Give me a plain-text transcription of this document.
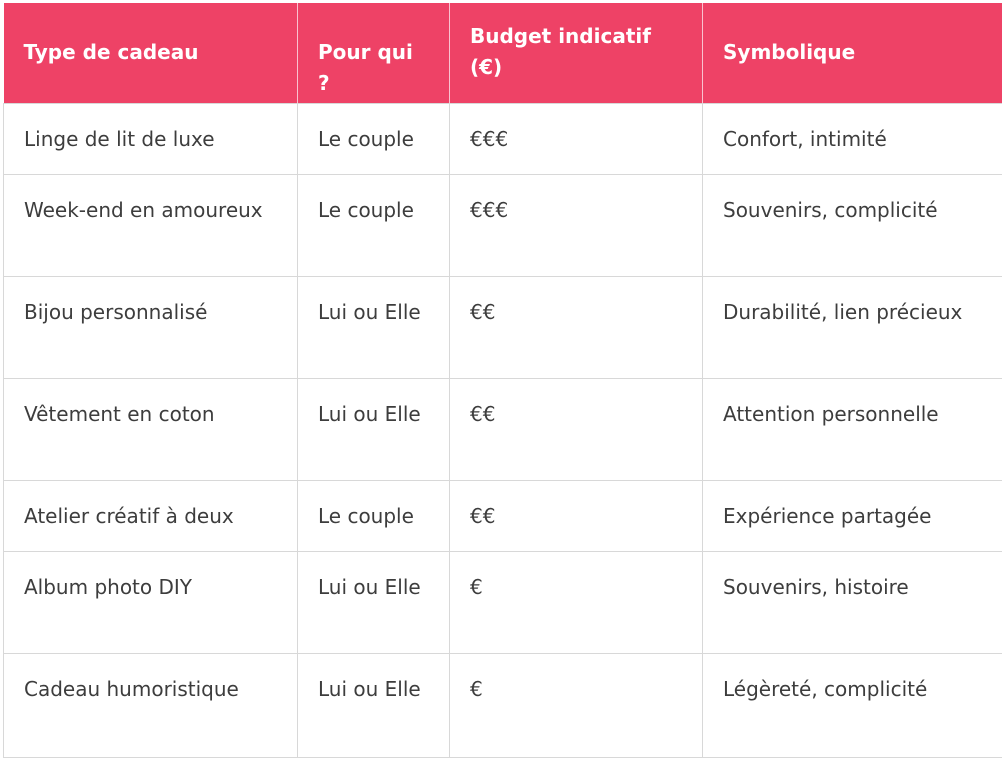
Type de cadeau	Pour qui ?	Budget indicatif (€)	Symbolique
Linge de lit de luxe	Le couple	€€€	Confort, intimité
Week-end en amoureux	Le couple	€€€	Souvenirs, complicité
Bijou personnalisé	Lui ou Elle	€€	Durabilité, lien précieux
Vêtement en coton	Lui ou Elle	€€	Attention personnelle
Atelier créatif à deux	Le couple	€€	Expérience partagée
Album photo DIY	Lui ou Elle	€	Souvenirs, histoire
Cadeau humoristique	Lui ou Elle	€	Légèreté, complicité
